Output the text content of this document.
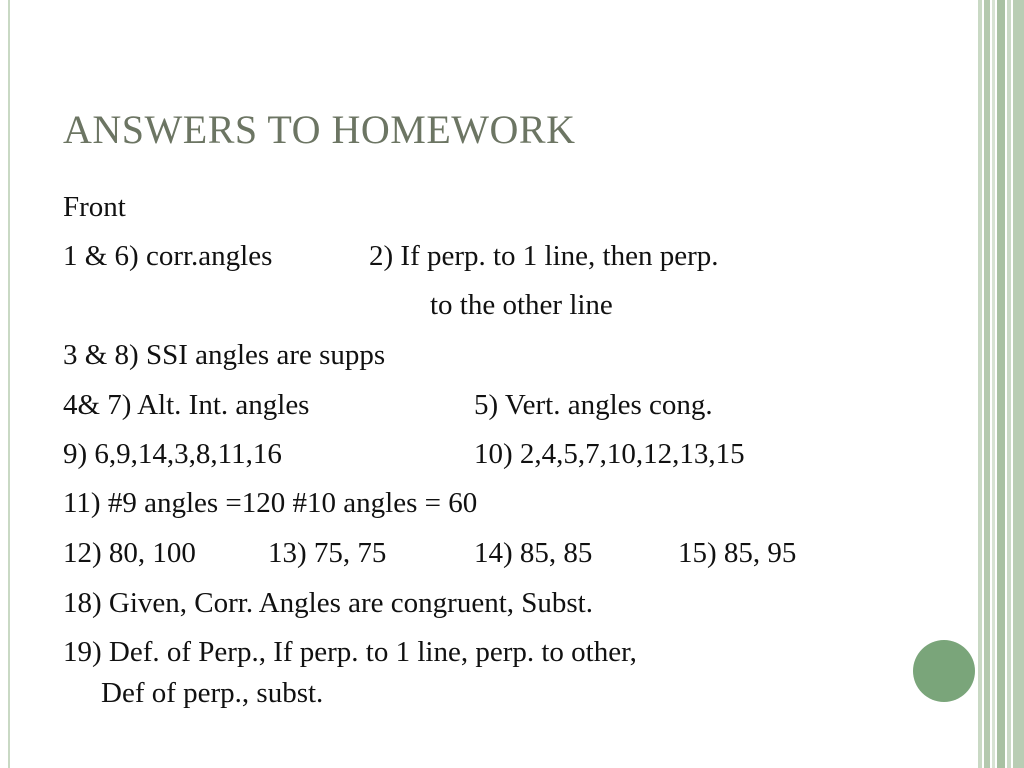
ANSWERS TO HOMEWORK
Front
1 & 6) corr.angles	2) If perp. to 1 line, then perp.
to the other line
3 & 8) SSI angles are supps
4& 7) Alt. Int. angles	5) Vert. angles cong.
9) 6,9,14,3,8,11,16	10) 2,4,5,7,10,12,13,15
11) #9 angles =120 #10 angles = 60
12) 80, 100 13) 75, 75	14) 85, 85	15) 85, 95
18) Given, Corr. Angles are congruent, Subst.
19) Def. of Perp., If perp. to 1 line, perp. to other,
Def of perp., subst.
